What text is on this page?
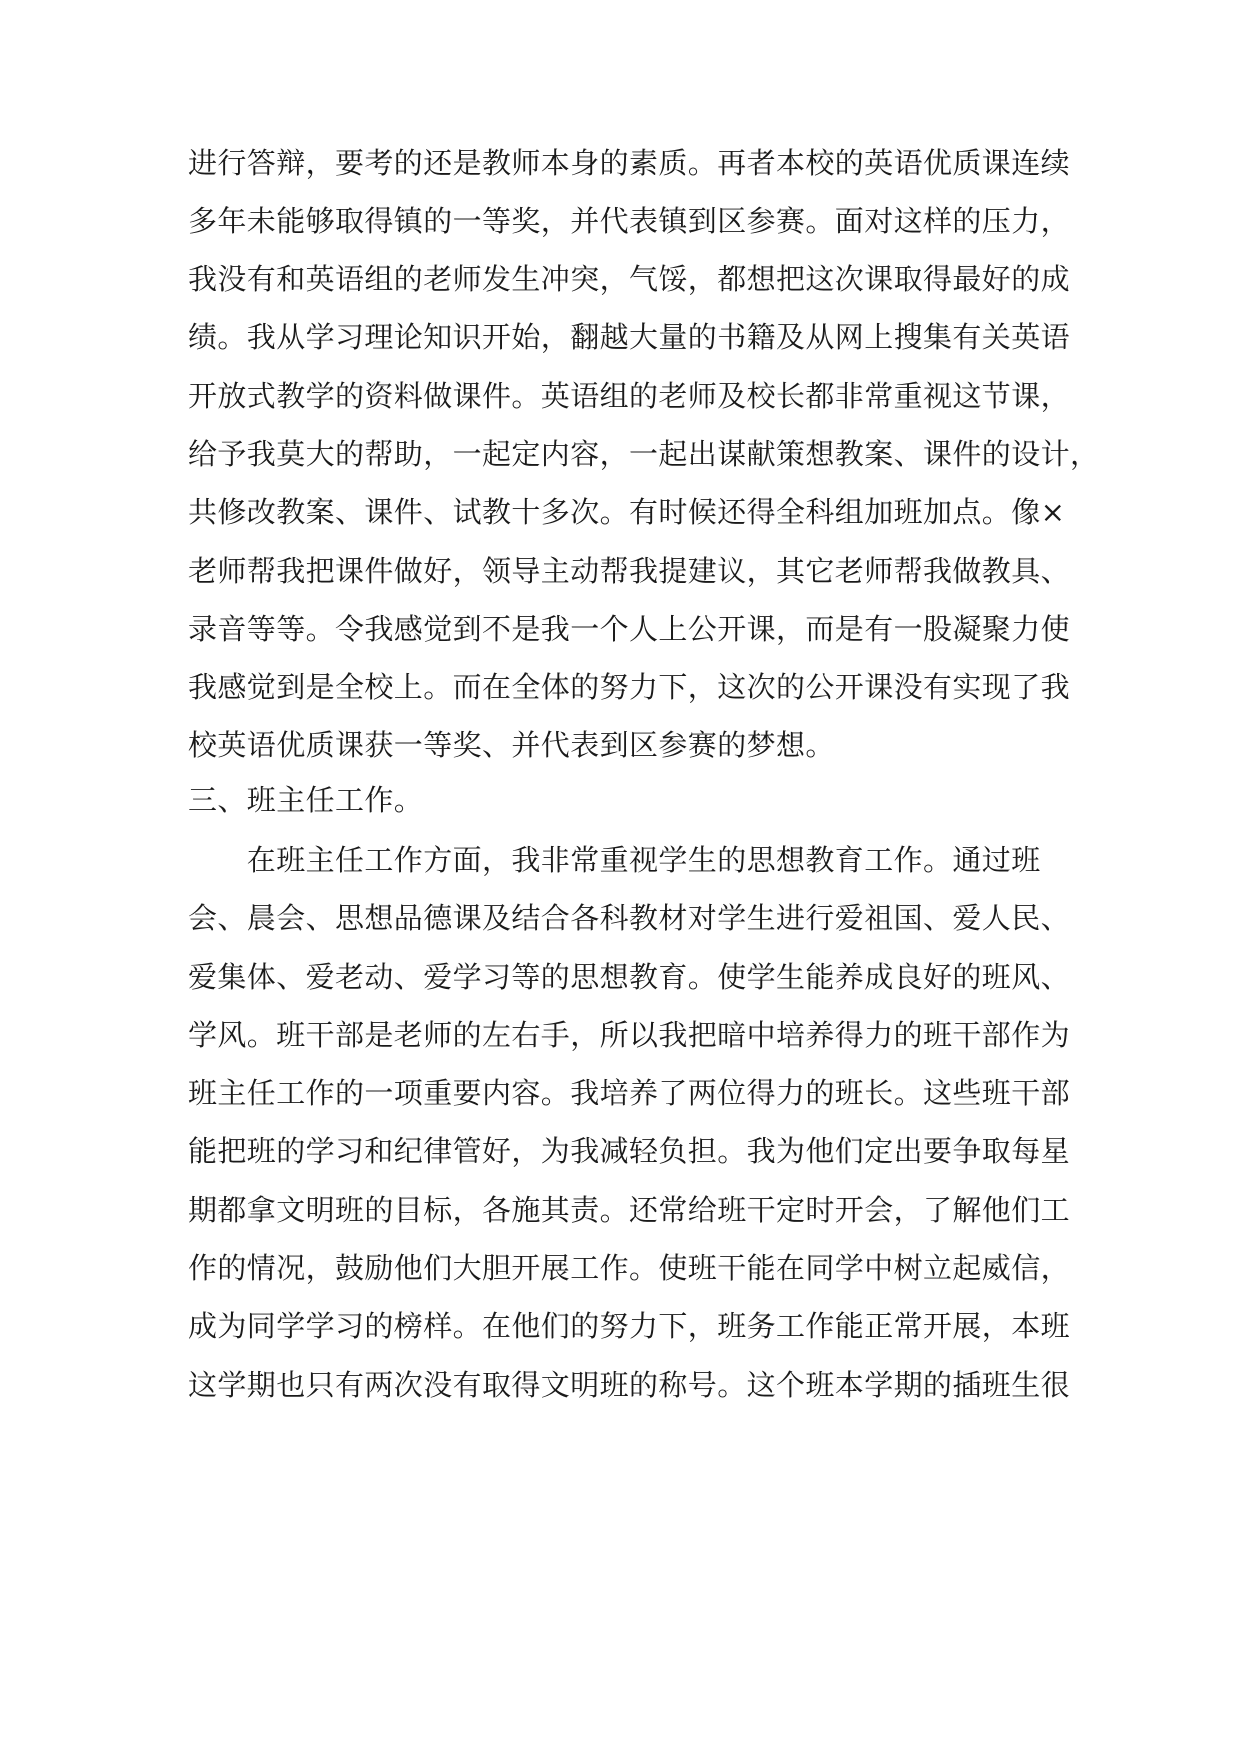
进行答辩，要考的还是教师本身的素质。再者本校的英语优质课连续
多年未能够取得镇的一等奖，并代表镇到区参赛。面对这样的压力，
我没有和英语组的老师发生冲突，气馁，都想把这次课取得最好的成
绩。我从学习理论知识开始，翻越大量的书籍及从网上搜集有关英语
开放式教学的资料做课件。英语组的老师及校长都非常重视这节课，
给予我莫大的帮助，一起定内容，一起出谋献策想教案、课件的设计，
共修改教案、课件、试教十多次。有时候还得全科组加班加点。像×
老师帮我把课件做好，领导主动帮我提建议，其它老师帮我做教具、
录音等等。令我感觉到不是我一个人上公开课，而是有一股凝聚力使
我感觉到是全校上。而在全体的努力下，这次的公开课没有实现了我
校英语优质课获一等奖、并代表到区参赛的梦想。
三、班主任工作。
　　在班主任工作方面，我非常重视学生的思想教育工作。通过班
会、晨会、思想品德课及结合各科教材对学生进行爱祖国、爱人民、
爱集体、爱老动、爱学习等的思想教育。使学生能养成良好的班风、
学风。班干部是老师的左右手，所以我把暗中培养得力的班干部作为
班主任工作的一项重要内容。我培养了两位得力的班长。这些班干部
能把班的学习和纪律管好，为我减轻负担。我为他们定出要争取每星
期都拿文明班的目标，各施其责。还常给班干定时开会，了解他们工
作的情况，鼓励他们大胆开展工作。使班干能在同学中树立起威信，
成为同学学习的榜样。在他们的努力下，班务工作能正常开展，本班
这学期也只有两次没有取得文明班的称号。这个班本学期的插班生很
